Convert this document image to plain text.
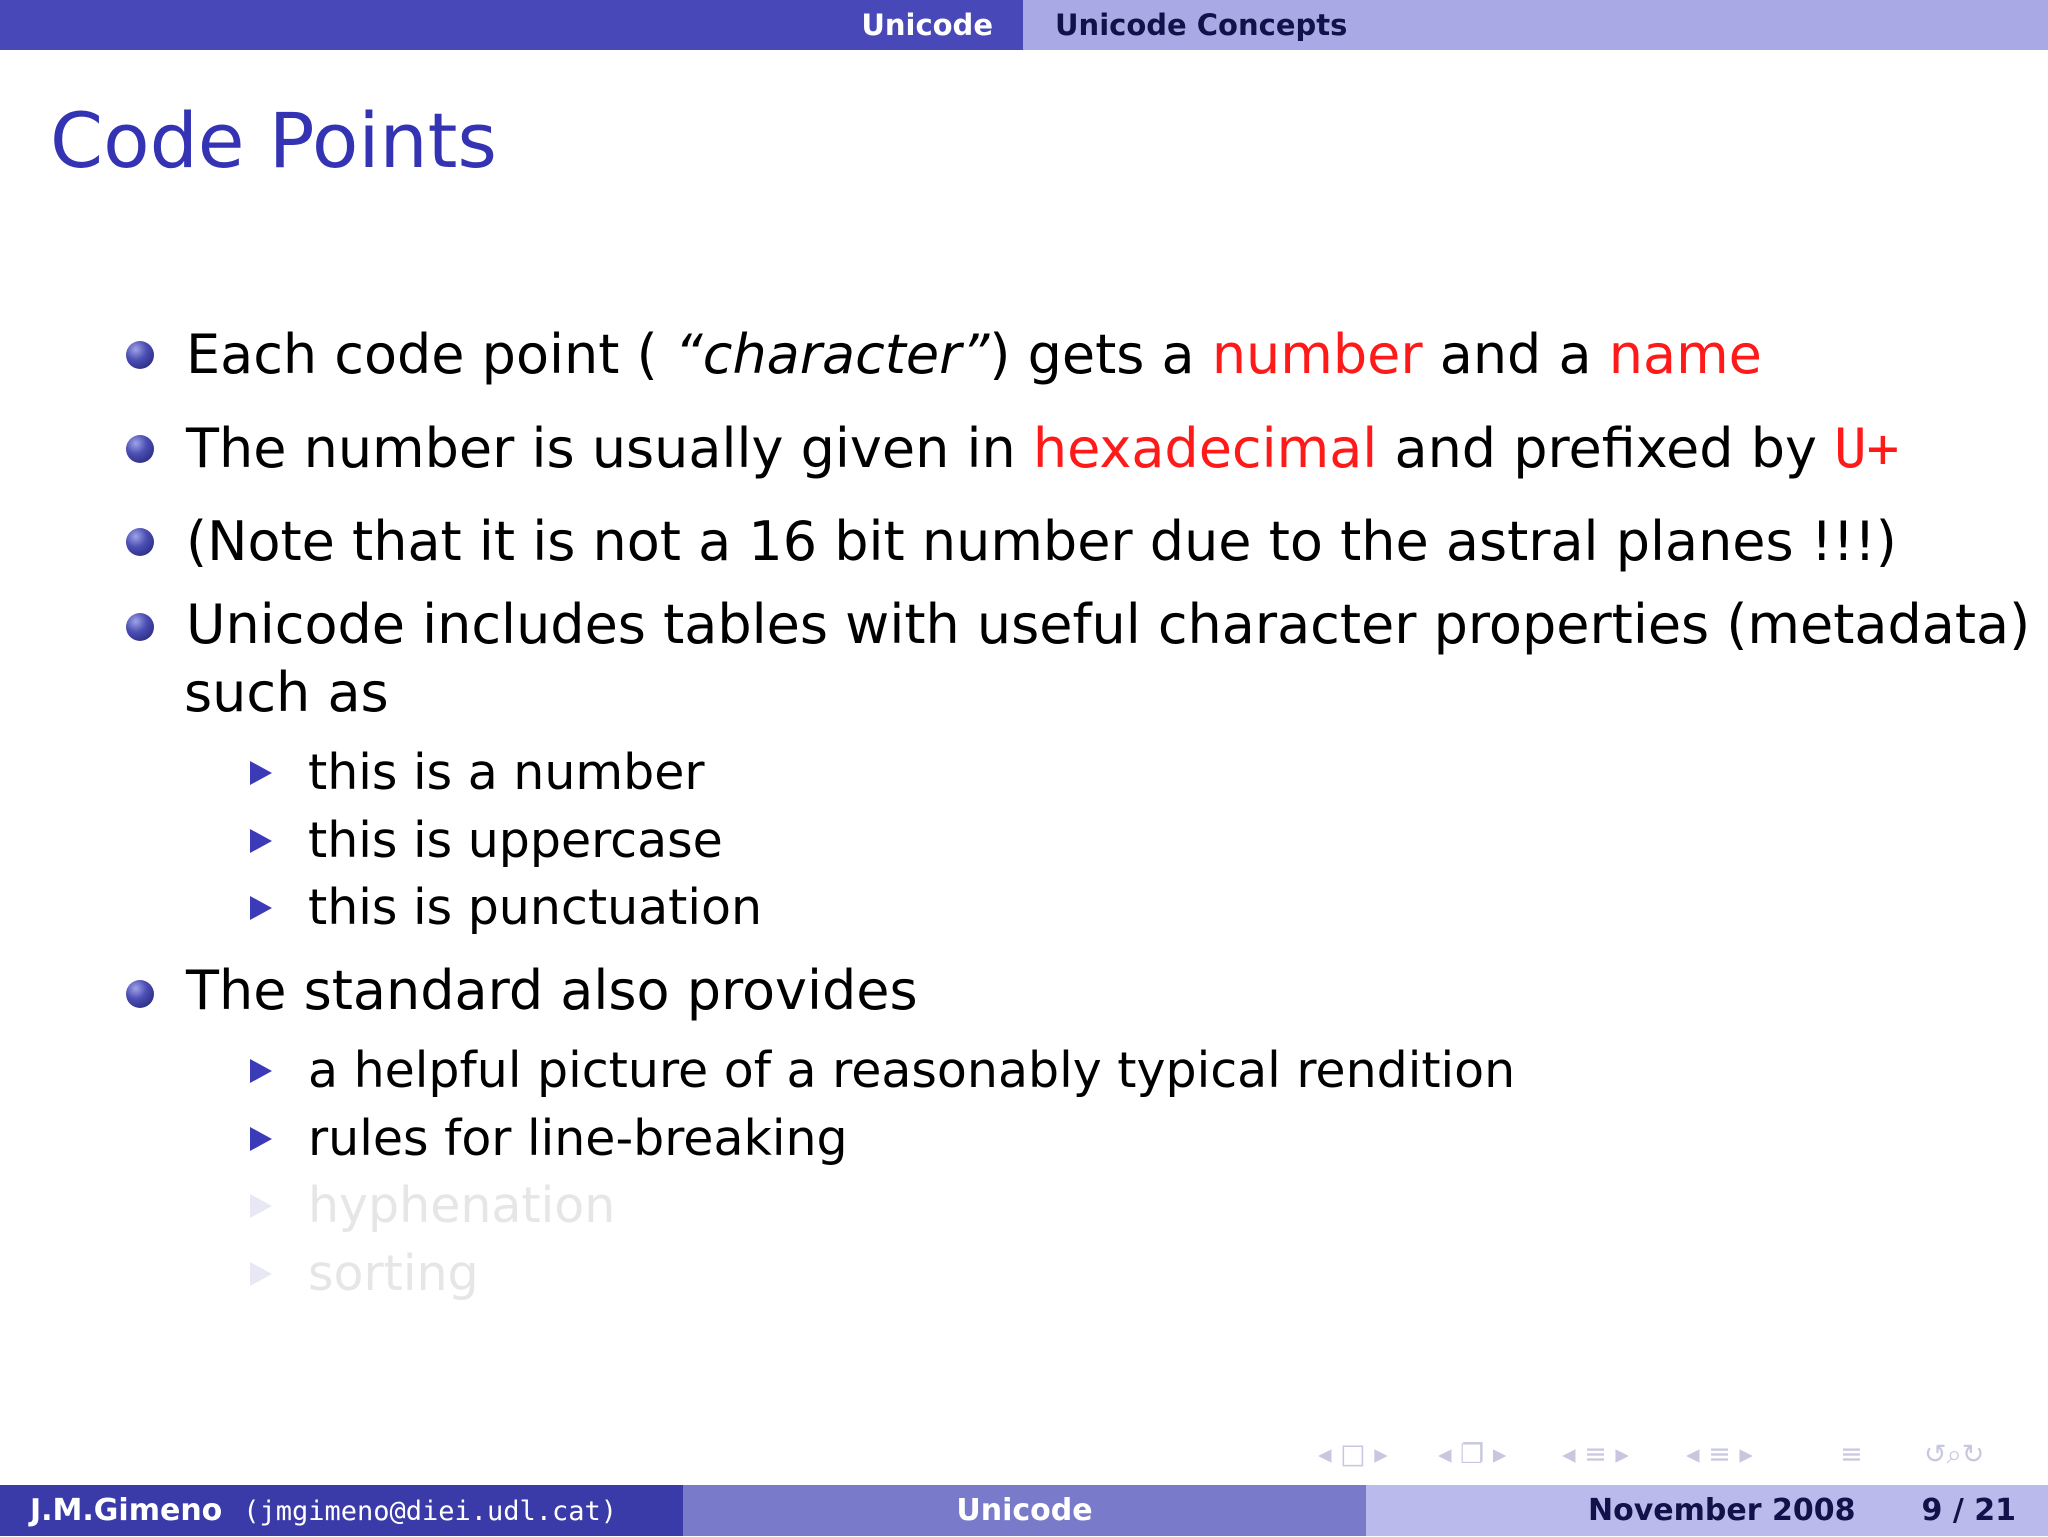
Unicode Unicode Concepts
Code Points
Each code point ( “character”) gets a number and a name
The number is usually given in hexadecimal and prefixed by U+
(Note that it is not a 16 bit number due to the astral planes !!!)
Unicode includes tables with useful character properties (metadata)
such as
this is a number
this is uppercase
this is punctuation
The standard also provides
a helpful picture of a reasonably typical rendition
rules for line-breaking
hyphenation
sorting
◂ □ ▸ ◂ ❐ ▸ ◂ ≡ ▸ ◂ ≡ ▸	≡ ↺⌕↻
J.M.Gimeno (jmgimeno@diei.udl.cat)	Unicode	November 2008 9 / 21
